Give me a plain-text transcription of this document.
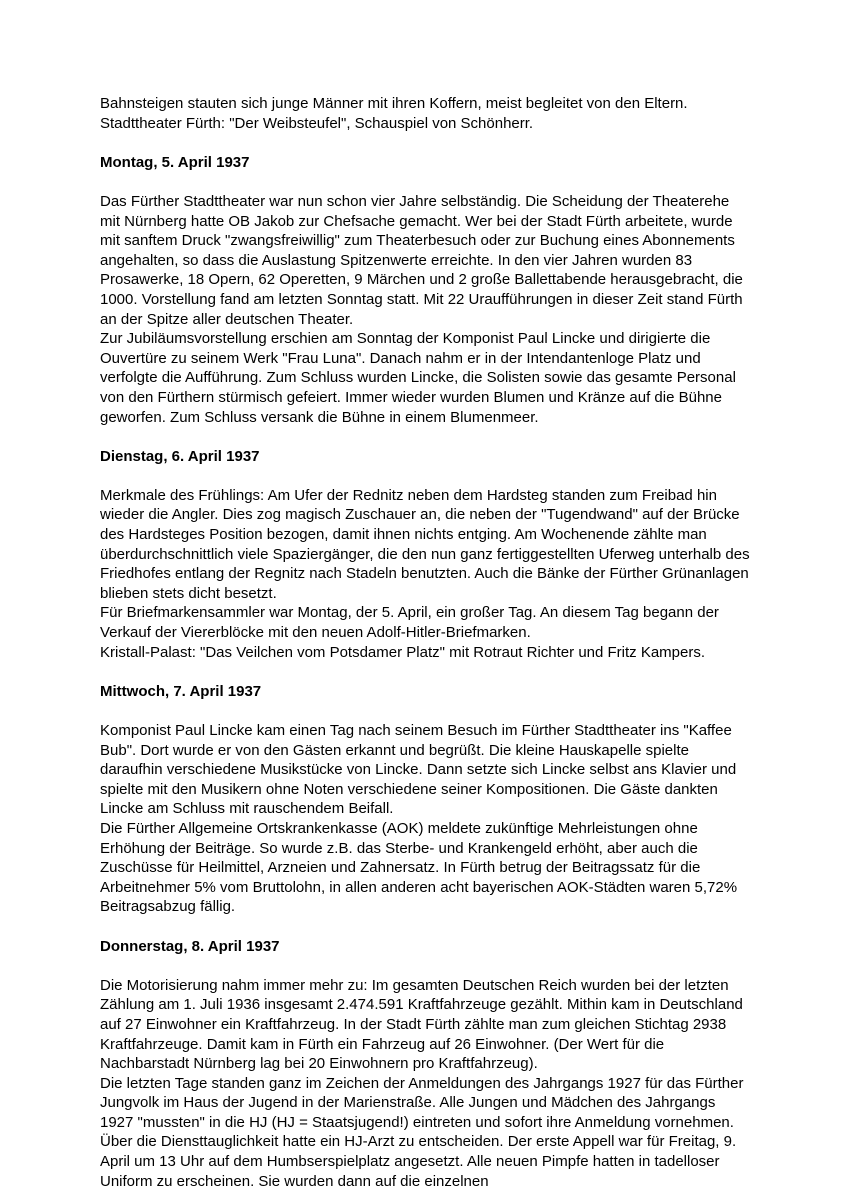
Bahnsteigen stauten sich junge Männer mit ihren Koffern, meist begleitet von den Eltern.

Stadttheater Fürth: "Der Weibsteufel", Schauspiel von Schönherr.

Montag, 5. April 1937

Das Fürther Stadttheater war nun schon vier Jahre selbständig. Die Scheidung der Theaterehe mit Nürnberg hatte OB Jakob zur Chefsache gemacht. Wer bei der Stadt Fürth arbeitete, wurde mit sanftem Druck "zwangsfreiwillig" zum Theaterbesuch oder zur Buchung eines Abonnements angehalten, so dass die Auslastung Spitzenwerte erreichte. In den vier Jahren wurden 83 Prosawerke, 18 Opern, 62 Operetten, 9 Märchen und 2 große Ballettabende herausgebracht, die 1000. Vorstellung fand am letzten Sonntag statt. Mit 22 Uraufführungen in dieser Zeit stand Fürth an der Spitze aller deutschen Theater.

Zur Jubiläumsvorstellung erschien am Sonntag der Komponist Paul Lincke und dirigierte die Ouvertüre zu seinem Werk "Frau Luna". Danach nahm er in der Intendantenloge Platz und verfolgte die Aufführung. Zum Schluss wurden Lincke, die Solisten sowie das gesamte Personal von den Fürthern stürmisch gefeiert. Immer wieder wurden Blumen und Kränze auf die Bühne geworfen. Zum Schluss versank die Bühne in einem Blumenmeer.

Dienstag, 6. April 1937

Merkmale des Frühlings: Am Ufer der Rednitz neben dem Hardsteg standen zum Freibad hin wieder die Angler. Dies zog magisch Zuschauer an, die neben der "Tugendwand" auf der Brücke des Hardsteges Position bezogen, damit ihnen nichts entging. Am Wochenende zählte man überdurchschnittlich viele Spaziergänger, die den nun ganz fertiggestellten Uferweg unterhalb des Friedhofes entlang der Regnitz nach Stadeln benutzten. Auch die Bänke der Fürther Grünanlagen blieben stets dicht besetzt.

Für Briefmarkensammler war Montag, der 5. April, ein großer Tag. An diesem Tag begann der Verkauf der Viererblöcke mit den neuen Adolf-Hitler-Briefmarken.

Kristall-Palast: "Das Veilchen vom Potsdamer Platz" mit Rotraut Richter und Fritz Kampers.

Mittwoch, 7. April 1937

Komponist Paul Lincke kam einen Tag nach seinem Besuch im Fürther Stadttheater ins "Kaffee Bub". Dort wurde er von den Gästen erkannt und begrüßt. Die kleine Hauskapelle spielte daraufhin verschiedene Musikstücke von Lincke. Dann setzte sich Lincke selbst ans Klavier und spielte mit den Musikern ohne Noten verschiedene seiner Kompositionen. Die Gäste dankten Lincke am Schluss mit rauschendem Beifall.

Die Fürther Allgemeine Ortskrankenkasse (AOK) meldete zukünftige Mehrleistungen ohne Erhöhung der Beiträge. So wurde z.B. das Sterbe- und Krankengeld erhöht, aber auch die Zuschüsse für Heilmittel, Arzneien und Zahnersatz. In Fürth betrug der Beitragssatz für die Arbeitnehmer 5% vom Bruttolohn, in allen anderen acht bayerischen AOK-Städten waren 5,72% Beitragsabzug fällig.

Donnerstag, 8. April 1937

Die Motorisierung nahm immer mehr zu: Im gesamten Deutschen Reich wurden bei der letzten Zählung am 1. Juli 1936 insgesamt 2.474.591 Kraftfahrzeuge gezählt. Mithin kam in Deutschland auf 27 Einwohner ein Kraftfahrzeug. In der Stadt Fürth zählte man zum gleichen Stichtag 2938 Kraftfahrzeuge. Damit kam in Fürth ein Fahrzeug auf 26 Einwohner. (Der Wert für die Nachbarstadt Nürnberg lag bei 20 Einwohnern pro Kraftfahrzeug).

Die letzten Tage standen ganz im Zeichen der Anmeldungen des Jahrgangs 1927 für das Fürther Jungvolk im Haus der Jugend in der Marienstraße. Alle Jungen und Mädchen des Jahrgangs 1927 "mussten" in die HJ (HJ = Staatsjugend!) eintreten und sofort ihre Anmeldung vornehmen. Über die Diensttauglichkeit hatte ein HJ-Arzt zu entscheiden. Der erste Appell war für Freitag, 9. April um 13 Uhr auf dem Humbserspielplatz angesetzt. Alle neuen Pimpfe hatten in tadelloser Uniform zu erscheinen. Sie wurden dann auf die einzelnen
